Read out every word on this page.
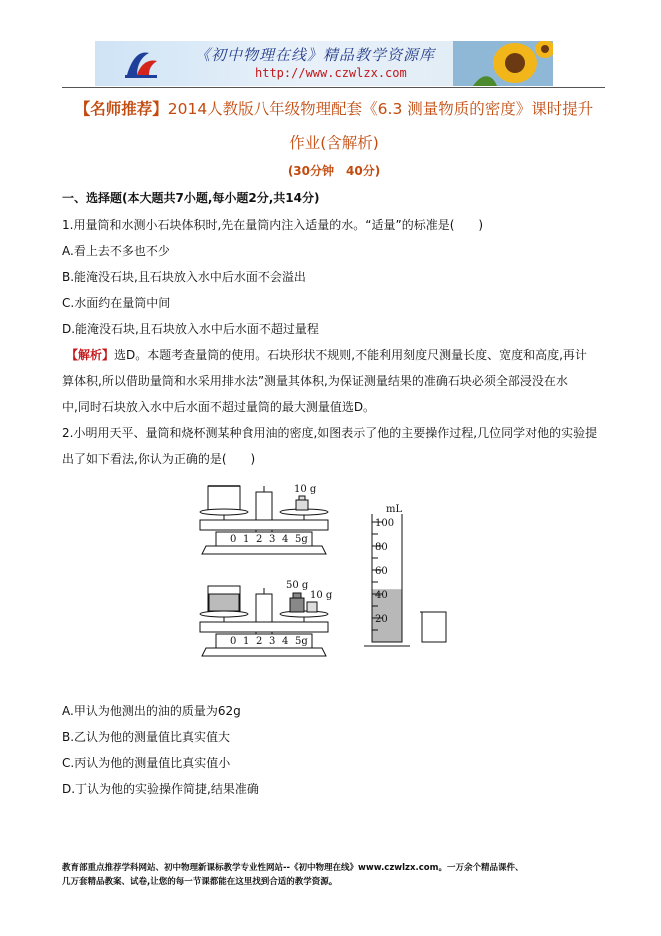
《初中物理在线》精品教学资源库
http://www.czwlzx.com
【名师推荐】2014人教版八年级物理配套《6.3 测量物质的密度》课时提升
作业(含解析)
(30分钟　40分)
一、选择题(本大题共7小题,每小题2分,共14分)
1.用量筒和水测小石块体积时,先在量筒内注入适量的水。“适量”的标准是(　　)
A.看上去不多也不少
B.能淹没石块,且石块放入水中后水面不会溢出
C.水面约在量筒中间
D.能淹没石块,且石块放入水中后水面不超过量程
【解析】选D。本题考查量筒的使用。石块形状不规则,不能利用刻度尺测量长度、宽度和高度,再计
算体积,所以借助量筒和水采用排水法”测量其体积,为保证测量结果的准确石块必须全部浸没在水
中,同时石块放入水中后水面不超过量筒的最大测量值选D。
2.小明用天平、量筒和烧杯测某种食用油的密度,如图表示了他的主要操作过程,几位同学对他的实验提
出了如下看法,你认为正确的是(　　)
10 g
50 g
10 g
0 1 2 3 4 5g
0 1 2 3 4 5g
100
80
60
40
20
mL
A.甲认为他测出的油的质量为62g
B.乙认为他的测量值比真实值大
C.丙认为他的测量值比真实值小
D.丁认为他的实验操作简捷,结果准确
教育部重点推荐学科网站、初中物理新课标教学专业性网站--《初中物理在线》www.czwlzx.com。一万余个精品课件、
几万套精品教案、试卷,让您的每一节课都能在这里找到合适的教学资源。
